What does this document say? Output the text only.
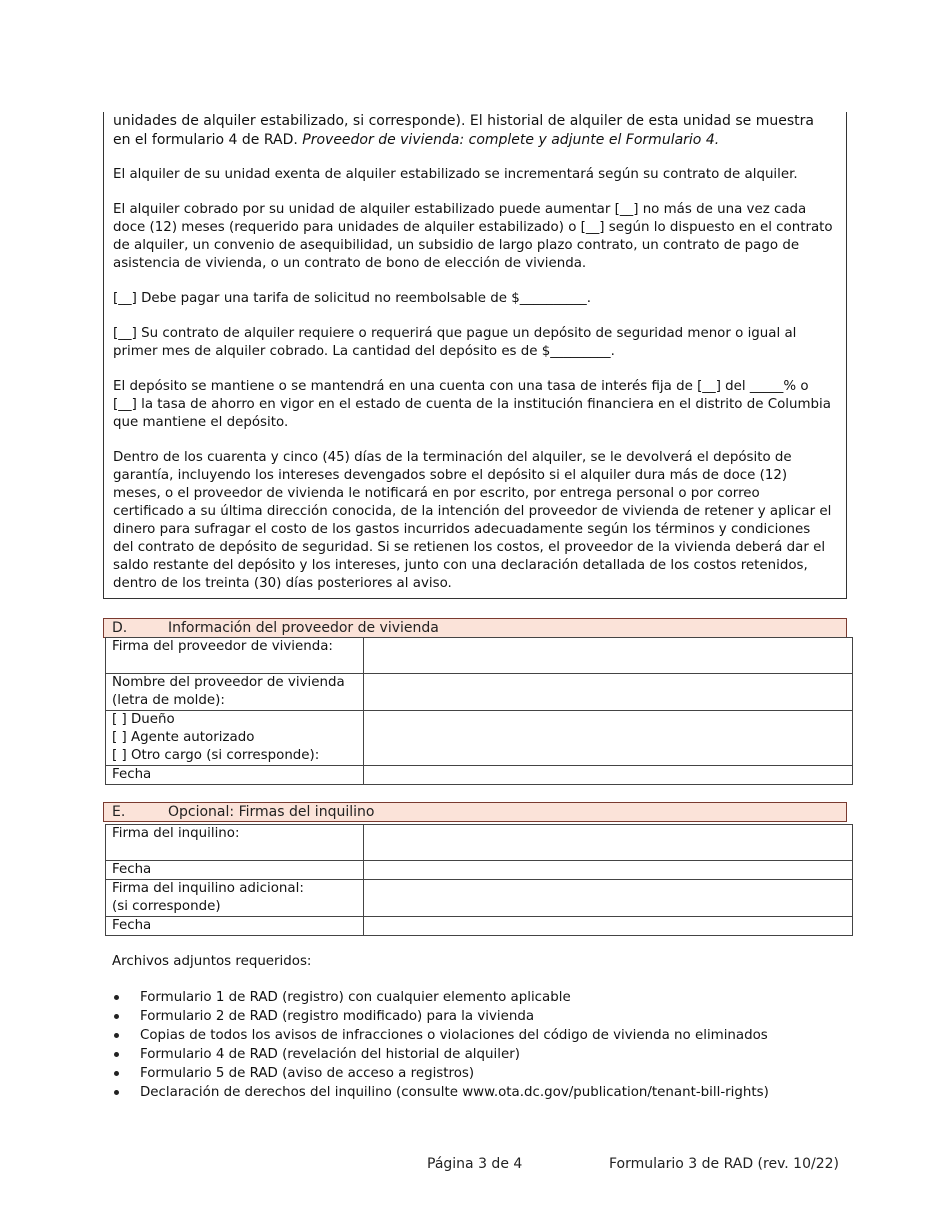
unidades de alquiler estabilizado, si corresponde). El historial de alquiler de esta unidad se muestra en el formulario 4 de RAD. Proveedor de vivienda: complete y adjunte el Formulario 4.

El alquiler de su unidad exenta de alquiler estabilizado se incrementará según su contrato de alquiler.

El alquiler cobrado por su unidad de alquiler estabilizado puede aumentar [__] no más de una vez cada doce (12) meses (requerido para unidades de alquiler estabilizado) o [__] según lo dispuesto en el contrato de alquiler, un convenio de asequibilidad, un subsidio de largo plazo contrato, un contrato de pago de asistencia de vivienda, o un contrato de bono de elección de vivienda.

[__] Debe pagar una tarifa de solicitud no reembolsable de $__________.

[__] Su contrato de alquiler requiere o requerirá que pague un depósito de seguridad menor o igual al primer mes de alquiler cobrado. La cantidad del depósito es de $_________.

El depósito se mantiene o se mantendrá en una cuenta con una tasa de interés fija de [__] del _____% o [__] la tasa de ahorro en vigor en el estado de cuenta de la institución financiera en el distrito de Columbia que mantiene el depósito.

Dentro de los cuarenta y cinco (45) días de la terminación del alquiler, se le devolverá el depósito de garantía, incluyendo los intereses devengados sobre el depósito si el alquiler dura más de doce (12) meses, o el proveedor de vivienda le notificará en por escrito, por entrega personal o por correo certificado a su última dirección conocida, de la intención del proveedor de vivienda de retener y aplicar el dinero para sufragar el costo de los gastos incurridos adecuadamente según los términos y condiciones del contrato de depósito de seguridad. Si se retienen los costos, el proveedor de la vivienda deberá dar el saldo restante del depósito y los intereses, junto con una declaración detallada de los costos retenidos, dentro de los treinta (30) días posteriores al aviso.

D.	Información del proveedor de vivienda
Firma del proveedor de vivienda:	

Nombre del proveedor de vivienda
(letra de molde):	

[ ] Dueño
[ ] Agente autorizado
[ ] Otro cargo (si corresponde):	

Fecha	
E.	Opcional: Firmas del inquilino
Firma del inquilino:	
Fecha	

Firma del inquilino adicional:
(si corresponde)	

Fecha	
Archivos adjuntos requeridos:
Formulario 1 de RAD (registro) con cualquier elemento aplicable
Formulario 2 de RAD (registro modificado) para la vivienda
Copias de todos los avisos de infracciones o violaciones del código de vivienda no eliminados
Formulario 4 de RAD (revelación del historial de alquiler)
Formulario 5 de RAD (aviso de acceso a registros)
Declaración de derechos del inquilino (consulte www.ota.dc.gov/publication/tenant-bill-rights)
Página 3 de 4	Formulario 3 de RAD (rev. 10/22)
